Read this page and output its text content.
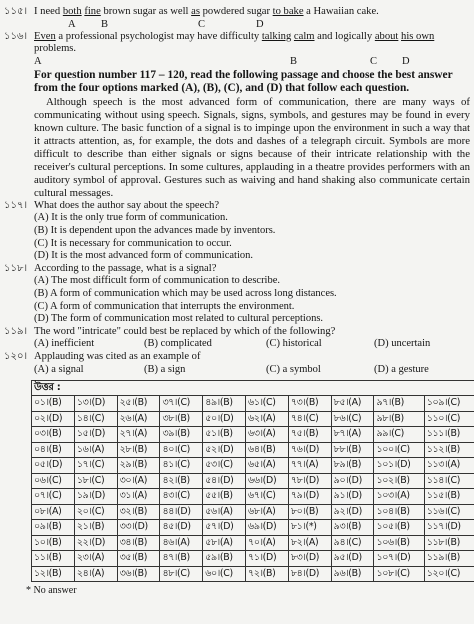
১১৫। I need both fine brown sugar as well as powdered sugar to bake a Hawaiian cake.
A B	C	D
১১৬। Even a professional psychologist may have difficulty talking calm and logically about his own problems.
A	B	C D
For question number 117 – 120, read the following passage and choose the best answer from the four options marked (A), (B), (C), and (D) that follow each question.

Although speech is the most advanced form of communication, there are many ways of communicating without using speech. Signals, signs, symbols, and gestures may be found in every known culture. The basic function of a signal is to impinge upon the environment in such a way that it attracts attention, as, for example, the dots and dashes of a telegraph circuit. Symbols are more difficult to describe than either signals or signs because of their intricate relationship with the receiver's cultural perceptions. In some cultures, applauding in a theatre provides performers with an auditory symbol of approval. Gestures such as waiving and hand shaking also communicate certain cultural messages.

১১৭। What does the author say about the speech?
(A) It is the only true form of communication.
(B) It is dependent upon the advances made by inventors.
(C) It is necessary for communication to occur.
(D) It is the most advanced form of communication.
১১৮। According to the passage, what is a signal?
(A) The most difficult form of communication to describe.
(B) A form of communication which may be used across long distances.
(C) A form of communication that interrupts the environment.
(D) The form of communication most related to cultural perceptions.
১১৯। The word "intricate" could best be replaced by which of the following?
(A) inefficient	(B) complicated	(C) historical	(D) uncertain
১২০। Applauding was cited as an example of
(A) a signal	(B) a sign	(C) a symbol	(D) a gesture
উত্তর :									
০১।(B)	১৩।(D)	২৫।(B)	৩৭।(C)	৪৯।(B)	৬১।(C)	৭৩।(B)	৮৫।(A)	৯৭।(B)	১০৯।(C)
০২।(D)	১৪।(C)	২৬।(A)	৩৮।(B)	৫০।(D)	৬২।(A)	৭৪।(C)	৮৬।(C)	৯৮।(B)	১১০।(C)
০৩।(B)	১৫।(D)	২৭।(A)	৩৯।(B)	৫১।(B)	৬৩।(A)	৭৫।(B)	৮৭।(A)	৯৯।(C)	১১১।(B)
০৪।(B)	১৬।(A)	২৮।(B)	৪০।(C)	৫২।(D)	৬৪।(B)	৭৬।(D)	৮৮।(B)	১০০।(C)	১১২।(B)
০৫।(D)	১৭।(C)	২৯।(B)	৪১।(C)	৫৩।(C)	৬৫।(A)	৭৭।(A)	৮৯।(B)	১০১।(D)	১১৩।(A)
০৬।(C)	১৮।(C)	৩০।(A)	৪২।(B)	৫৪।(D)	৬৬।(D)	৭৮।(D)	৯০।(D)	১০২।(B)	১১৪।(C)
০৭।(C)	১৯।(D)	৩১।(A)	৪৩।(C)	৫৫।(B)	৬৭।(C)	৭৯।(D)	৯১।(D)	১০৩।(A)	১১৫।(B)
০৮।(A)	২০।(C)	৩২।(B)	৪৪।(D)	৫৬।(A)	৬৮।(A)	৮০।(B)	৯২।(D)	১০৪।(B)	১১৬।(C)
০৯।(B)	২১।(B)	৩৩।(D)	৪৫।(D)	৫৭।(D)	৬৯।(D)	৮১।(*)	৯৩।(B)	১০৫।(B)	১১৭।(D)
১০।(B)	২২।(D)	৩৪।(B)	৪৬।(A)	৫৮।(A)	৭০।(A)	৮২।(A)	৯৪।(C)	১০৬।(B)	১১৮।(B)
১১।(B)	২৩।(A)	৩৫।(B)	৪৭।(B)	৫৯।(B)	৭১।(D)	৮৩।(D)	৯৫।(D)	১০৭।(D)	১১৯।(B)
১২।(B)	২৪।(A)	৩৬।(B)	৪৮।(C)	৬০।(C)	৭২।(B)	৮৪।(D)	৯৬।(B)	১০৮।(C)	১২০।(C)
* No answer
